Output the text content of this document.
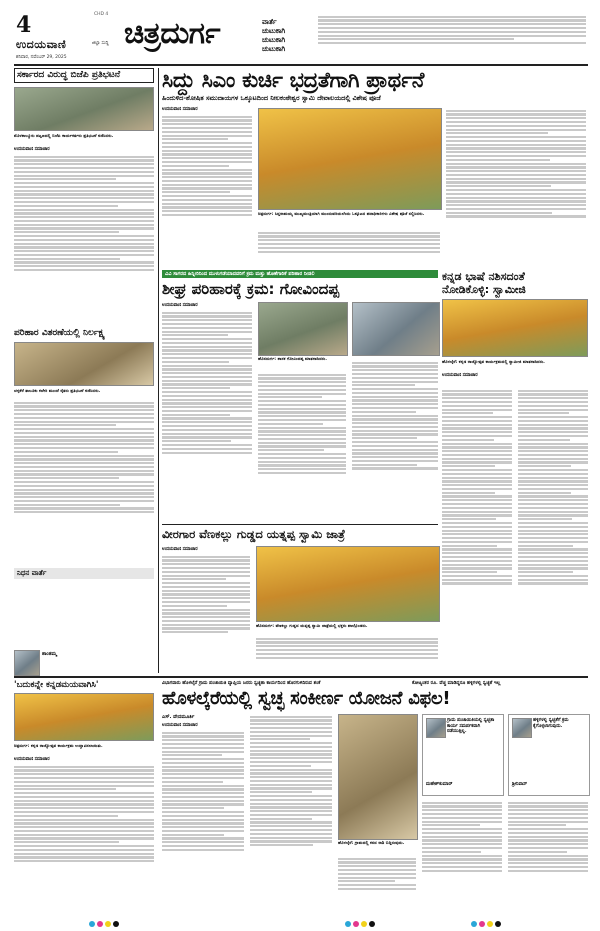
4	CHD 4
ಉದಯವಾಣಿ	ಜಿಲ್ಲಾ ಸುದ್ದಿ
ಶನಿವಾರ, ನವೆಂಬರ್ 29, 2025
ಚಿತ್ರದುರ್ಗ	ವಾರ್ತೆ
ಚುಟುಕಾಗಿ
ಚುಟುಕಾಗಿ
ಚುಟುಕಾಗಿ
ಸರ್ಕಾರದ ವಿರುದ್ಧ ಬಿಜೆಪಿ ಪ್ರತಿಭಟನೆ
ಮೊಳಕಾಲ್ಮೂರು ಪಟ್ಟಣದಲ್ಲಿ ಬಿಜೆಪಿ ಕಾರ್ಯಕರ್ತರು ಪ್ರತಿಭಟನೆ ನಡೆಸಿದರು.
ಉದಯವಾಣಿ ಸಮಾಚಾರ
ಪರಿಹಾರ ವಿತರಣೆಯಲ್ಲಿ ನಿರ್ಲಕ್ಷ್ಯ
ಚಳ್ಳಕೆರೆ ತಾಲೂಕು ಕಚೇರಿ ಮುಂದೆ ರೈತರು ಪ್ರತಿಭಟನೆ ನಡೆಸಿದರು.
ನಿಧನ ವಾರ್ತೆ
ಶಾಂತಮ್ಮ
ಸಿದ್ದು ಸಿಎಂ ಕುರ್ಚಿ ಭದ್ರತೆಗಾಗಿ ಪ್ರಾರ್ಥನೆ
ಹಿಂದುಳಿದ-ಶೋಷಿತ ಸಮುದಾಯಗಳ ಒಕ್ಕೂಟದಿಂದ ನೀಲಕಂಠೇಶ್ವರ ಸ್ವಾಮಿ ದೇವಾಲಯದಲ್ಲಿ ವಿಶೇಷ ಪೂಜೆ
ಉದಯವಾಣಿ ಸಮಾಚಾರ
ಚಿತ್ರದುರ್ಗ: ಸಿದ್ದರಾಮಯ್ಯ ಮುಖ್ಯಮಂತ್ರಿಯಾಗಿ ಮುಂದುವರಿಯಲೆಂದು ಒಕ್ಕೂಟದ ಪದಾಧಿಕಾರಿಗಳು ವಿಶೇಷ ಪೂಜೆ ಸಲ್ಲಿಸಿದರು.
ವಿವಿ ಸಾಗರದ ಹಿನ್ನೀರಿನಿಂದ ಮುಳುಗಡೆಯಾದವರಿಗೆ ಕ್ರಮ ಮತ್ತು ಹೊಣೆಗಾರಿಕೆ ಪರಿಹಾರ ನೀಡಲಿ
ಶೀಘ್ರ ಪರಿಹಾರಕ್ಕೆ ಕ್ರಮ: ಗೋವಿಂದಪ್ಪ
ಉದಯವಾಣಿ ಸಮಾಚಾರ
ಹೊಸದುರ್ಗ: ಶಾಸಕ ಗೋವಿಂದಪ್ಪ ಮಾತನಾಡಿದರು.
ಕನ್ನಡ ಭಾಷೆ ನಶಿಸದಂತೆ
ನೋಡಿಕೊಳ್ಳಿ: ಸ್ವಾಮೀಜಿ
ಹೊಳಲ್ಕೆರೆ: ಕನ್ನಡ ರಾಜ್ಯೋತ್ಸವ ಕಾರ್ಯಕ್ರಮದಲ್ಲಿ ಸ್ವಾಮೀಜಿ ಮಾತನಾಡಿದರು.
ಉದಯವಾಣಿ ಸಮಾಚಾರ
ವೀರಗಾರ ವೆಣಕಲ್ಲು ಗುಡ್ಡದ ಯತ್ನಪ್ಪ ಸ್ವಾಮಿ ಜಾತ್ರೆ
ಉದಯವಾಣಿ ಸಮಾಚಾರ
ಹೊಸದುರ್ಗ: ವೆಣಕಲ್ಲು ಗುಡ್ಡದ ಯತ್ನಪ್ಪ ಸ್ವಾಮಿ ಜಾತ್ರೆಯಲ್ಲಿ ಭಕ್ತರು ಪಾಲ್ಗೊಂಡರು.
'ಬದುಕನ್ನೇ ಕನ್ನಡಮಯವಾಗಿಸಿ'
ಚಿತ್ರದುರ್ಗ: ಕನ್ನಡ ರಾಜ್ಯೋತ್ಸವ ಕಾರ್ಯಕ್ರಮ ಉದ್ಘಾಟಿಸಲಾಯಿತು.
ಉದಯವಾಣಿ ಸಮಾಚಾರ
ವಿಭಾಗವಾರು ಹೊಳಲ್ಕೆರೆ ಗ್ರಾಮ ಪಂಚಾಯಿತಿ ವ್ಯಾಪ್ತಿಯ ಜನರು ಸ್ವಚ್ಛತಾ ಕಾರ್ಯದಿಂದ ಹೊರಗುಳಿದಿರುವ ಶಂಕೆ	ಕೋಟ್ಯಂತರ ರೂ. ವೆಚ್ಚ ಮಾಡಿದ್ದರೂ ಹಳ್ಳಿಗಳಲ್ಲಿ ಸ್ವಚ್ಛತೆ ಇಲ್ಲ
ಹೊಳಲ್ಕೆರೆಯಲ್ಲಿ ಸ್ವಚ್ಛ ಸಂಕೀರ್ಣ ಯೋಜನೆ ವಿಫಲ!
ಎಸ್. ವೇದಮೂರ್ತಿ
ಉದಯವಾಣಿ ಸಮಾಚಾರ
ಹೊಳಲ್ಕೆರೆ: ಗ್ರಾಮದಲ್ಲಿ ಕಸದ ರಾಶಿ ಬಿದ್ದಿರುವುದು.
ಗ್ರಾಮ ಪಂಚಾಯಿತಿಯಲ್ಲಿ ಸ್ವಚ್ಛತಾ ಕಾರ್ಯ ಸಮರ್ಪಕವಾಗಿ ನಡೆಯುತ್ತಿಲ್ಲ.
ಮಹೇಶ್‌ಕುಮಾರ್
ಹಳ್ಳಿಗಳಲ್ಲಿ ಸ್ವಚ್ಛತೆಗೆ ಕ್ರಮ ಕೈಗೊಳ್ಳಲಾಗುವುದು.
ಶ್ರೀನಿವಾಸ್
